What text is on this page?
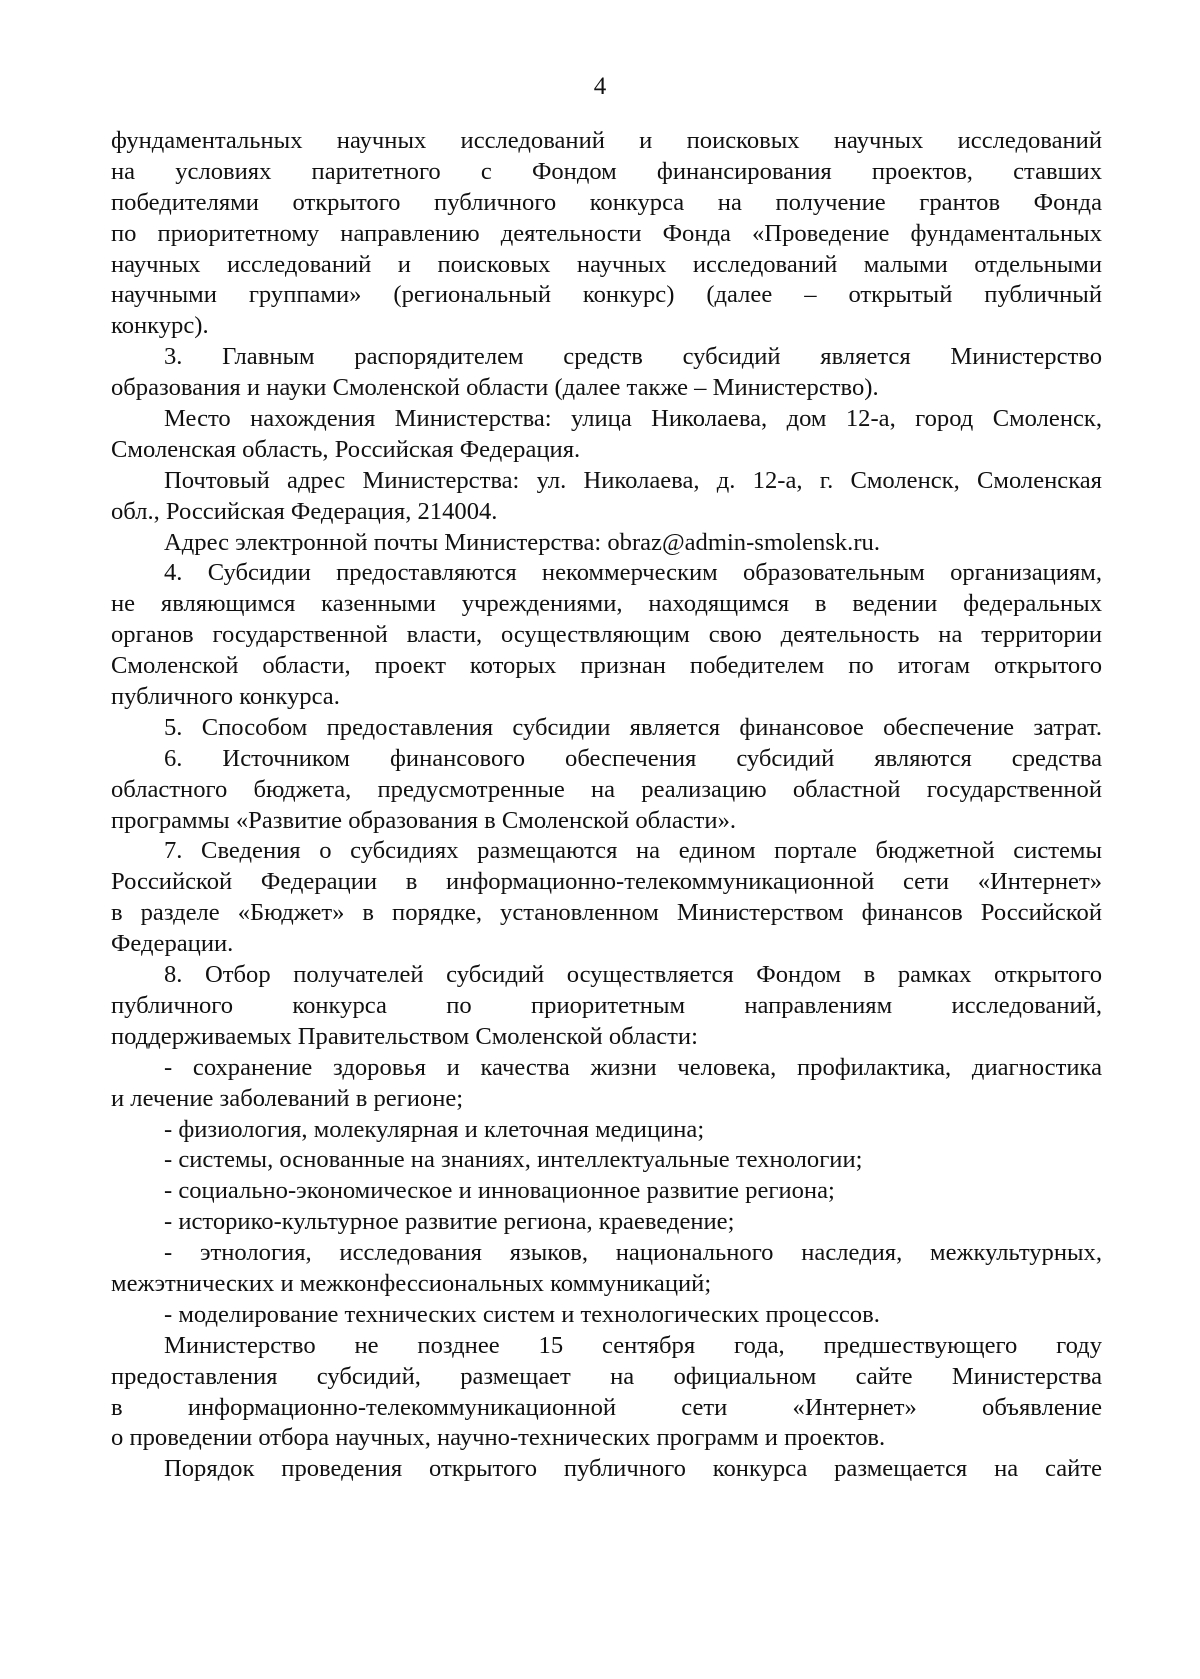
4
фундаментальных научных исследований и поисковых научных исследований
на условиях паритетного с Фондом финансирования проектов, ставших
победителями открытого публичного конкурса на получение грантов Фонда
по приоритетному направлению деятельности Фонда «Проведение фундаментальных
научных исследований и поисковых научных исследований малыми отдельными
научными группами» (региональный конкурс) (далее – открытый публичный
конкурс).
3. Главным распорядителем средств субсидий является Министерство
образования и науки Смоленской области (далее также – Министерство).
Место нахождения Министерства: улица Николаева, дом 12-а, город Смоленск,
Смоленская область, Российская Федерация.
Почтовый адрес Министерства: ул. Николаева, д. 12-а, г. Смоленск, Смоленская
обл., Российская Федерация, 214004.
Адрес электронной почты Министерства: obraz@admin-smolensk.ru.
4. Субсидии предоставляются некоммерческим образовательным организациям,
не являющимся казенными учреждениями, находящимся в ведении федеральных
органов государственной власти, осуществляющим свою деятельность на территории
Смоленской области, проект которых признан победителем по итогам открытого
публичного конкурса.
5. Способом предоставления субсидии является финансовое обеспечение затрат.
6. Источником финансового обеспечения субсидий являются средства
областного бюджета, предусмотренные на реализацию областной государственной
программы «Развитие образования в Смоленской области».
7. Сведения о субсидиях размещаются на едином портале бюджетной системы
Российской Федерации в информационно-телекоммуникационной сети «Интернет»
в разделе «Бюджет» в порядке, установленном Министерством финансов Российской
Федерации.
8. Отбор получателей субсидий осуществляется Фондом в рамках открытого
публичного конкурса по приоритетным направлениям исследований,
поддерживаемых Правительством Смоленской области:
- сохранение здоровья и качества жизни человека, профилактика, диагностика
и лечение заболеваний в регионе;
- физиология, молекулярная и клеточная медицина;
- системы, основанные на знаниях, интеллектуальные технологии;
- социально-экономическое и инновационное развитие региона;
- историко-культурное развитие региона, краеведение;
- этнология, исследования языков, национального наследия, межкультурных,
межэтнических и межконфессиональных коммуникаций;
- моделирование технических систем и технологических процессов.
Министерство не позднее 15 сентября года, предшествующего году
предоставления субсидий, размещает на официальном сайте Министерства
в информационно-телекоммуникационной сети «Интернет» объявление
о проведении отбора научных, научно-технических программ и проектов.
Порядок проведения открытого публичного конкурса размещается на сайте
